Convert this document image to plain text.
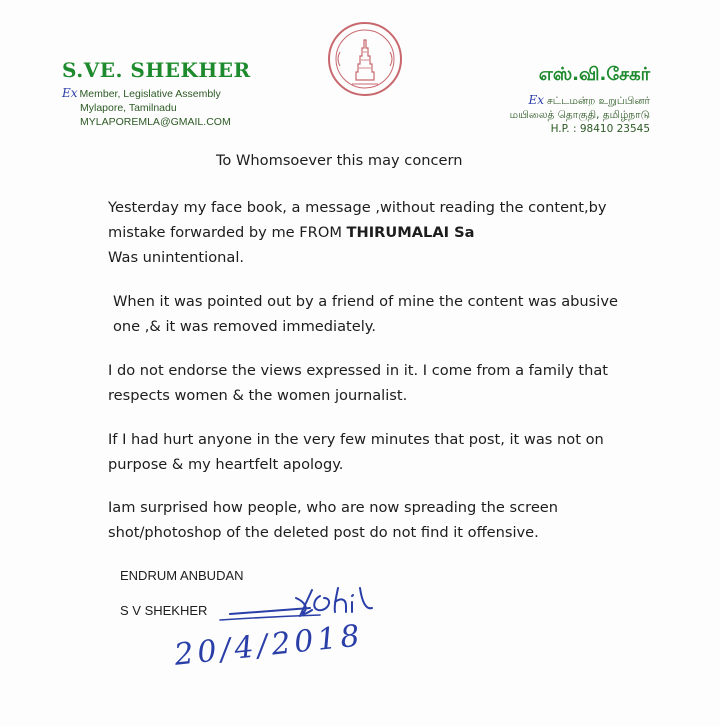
S.VE. SHEKHER
Ex Member, Legislative Assembly
Mylapore, Tamilnadu
MYLAPOREMLA@GMAIL.COM
எஸ்.வி.சேகர்
Ex சட்டமன்ற உறுப்பினர்
மயிலைத் தொகுதி, தமிழ்நாடு
H.P. : 98410 23545
To Whomsoever this may concern
Yesterday my face book, a message ,without reading the content,by mistake forwarded by me FROM THIRUMALAI Sa
Was unintentional.
When it was pointed out by a friend of mine the content was abusive one ,& it was removed immediately.
I do not endorse the views expressed in it. I come from a family that respects women & the women journalist.
If I had hurt anyone in the very few minutes that post, it was not on purpose & my heartfelt apology.
Iam surprised how people, who are now spreading the screen shot/photoshop of the deleted post do not find it offensive.
ENDRUM ANBUDAN
S V SHEKHER
20/4/2018
